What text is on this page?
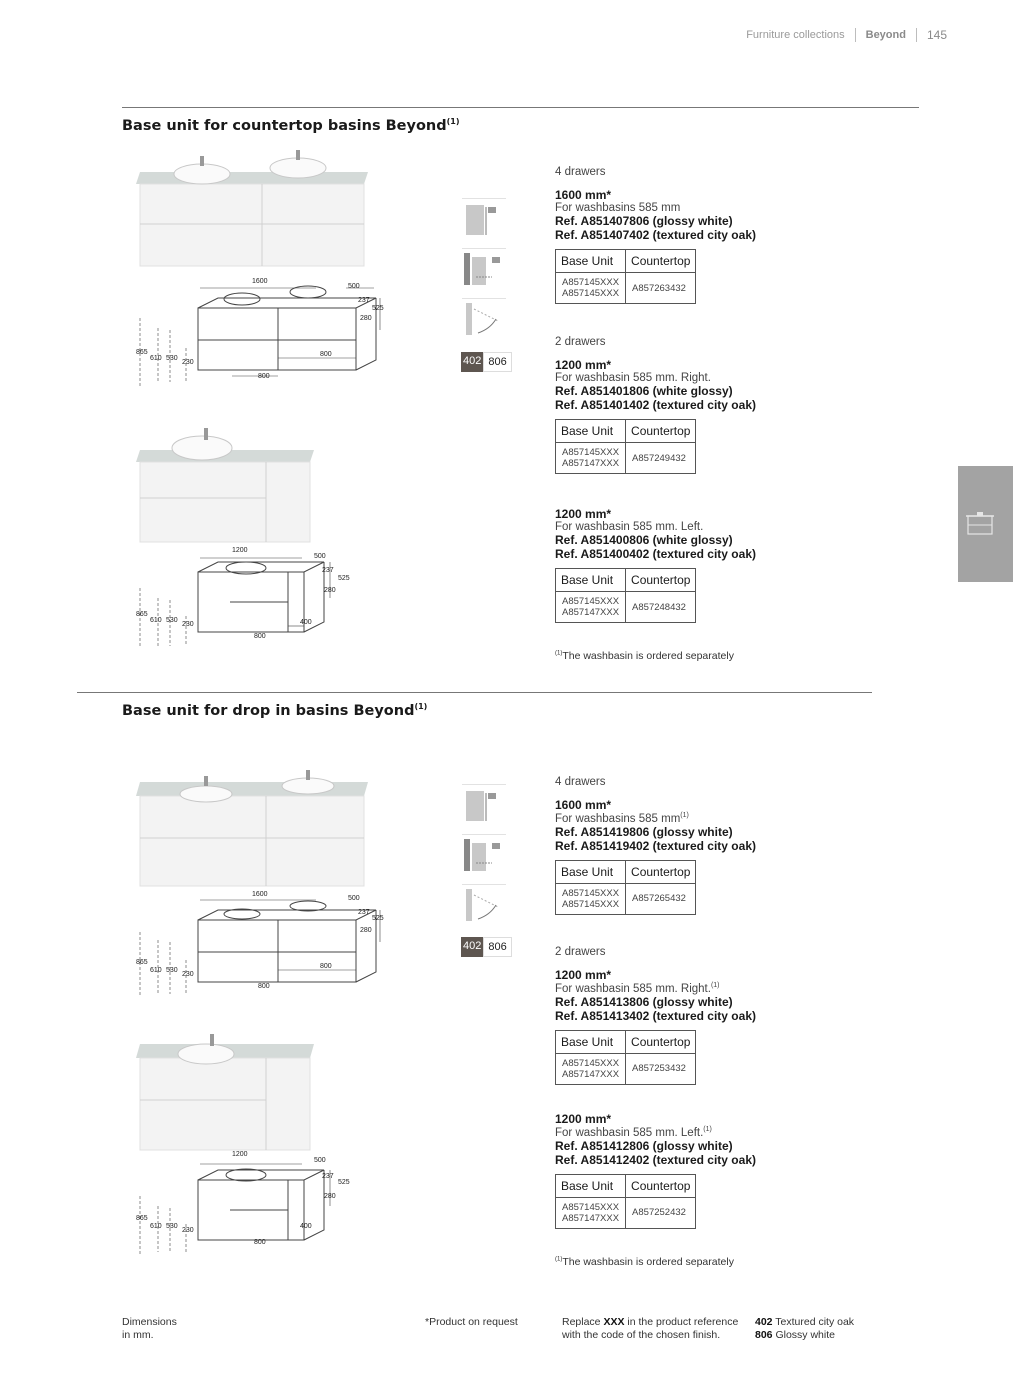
Furniture collections Beyond 145
Base unit for countertop basins Beyond$^{(1)}$
1600
500
237
525
280
865
610 530
230
800
800
1200
500
237
525
280
865
610 530
230	400
800

402 806
4 drawers
1600 mm*
For washbasins 585 mm
Ref. A851407806 (glossy white)
Ref. A851407402 (textured city oak)
Base Unit	Countertop
A857145XXX
A857145XXX	A857263432
2 drawers
1200 mm*
For washbasin 585 mm. Right.
Ref. A851401806 (white glossy)
Ref. A851401402 (textured city oak)
Base Unit	Countertop
A857145XXX
A857147XXX	A857249432
1200 mm*
For washbasin 585 mm. Left.
Ref. A851400806 (white glossy)
Ref. A851400402 (textured city oak)
Base Unit	Countertop
A857145XXX
A857147XXX	A857248432
$^{(1)}$The washbasin is ordered separately
Base unit for drop in basins Beyond$^{(1)}$
1600
500
237
525
280
865
610 530
230
800
800
1200
500
237
525
280
865
610 530
230
400
800

402 806
4 drawers
1600 mm*
For washbasins 585 $mm^{(1)}$
Ref. A851419806 (glossy white)
Ref. A851419402 (textured city oak)
Base Unit	Countertop
A857145XXX
A857145XXX	A857265432
2 drawers
1200 mm*
For washbasin 585 mm. Right.$^{(1)}$
Ref. A851413806 (glossy white)
Ref. A851413402 (textured city oak)
Base Unit	Countertop
A857145XXX
A857147XXX	A857253432
1200 mm*
For washbasin 585 mm. Left.$^{(1)}$
Ref. A851412806 (glossy white)
Ref. A851412402 (textured city oak)
Base Unit	Countertop
A857145XXX
A857147XXX	A857252432
$^{(1)}$The washbasin is ordered separately
Dimensions
in mm.
*Product on request	Replace XXX in the product reference
with the code of the chosen finish.
402 Textured city oak
806 Glossy white
